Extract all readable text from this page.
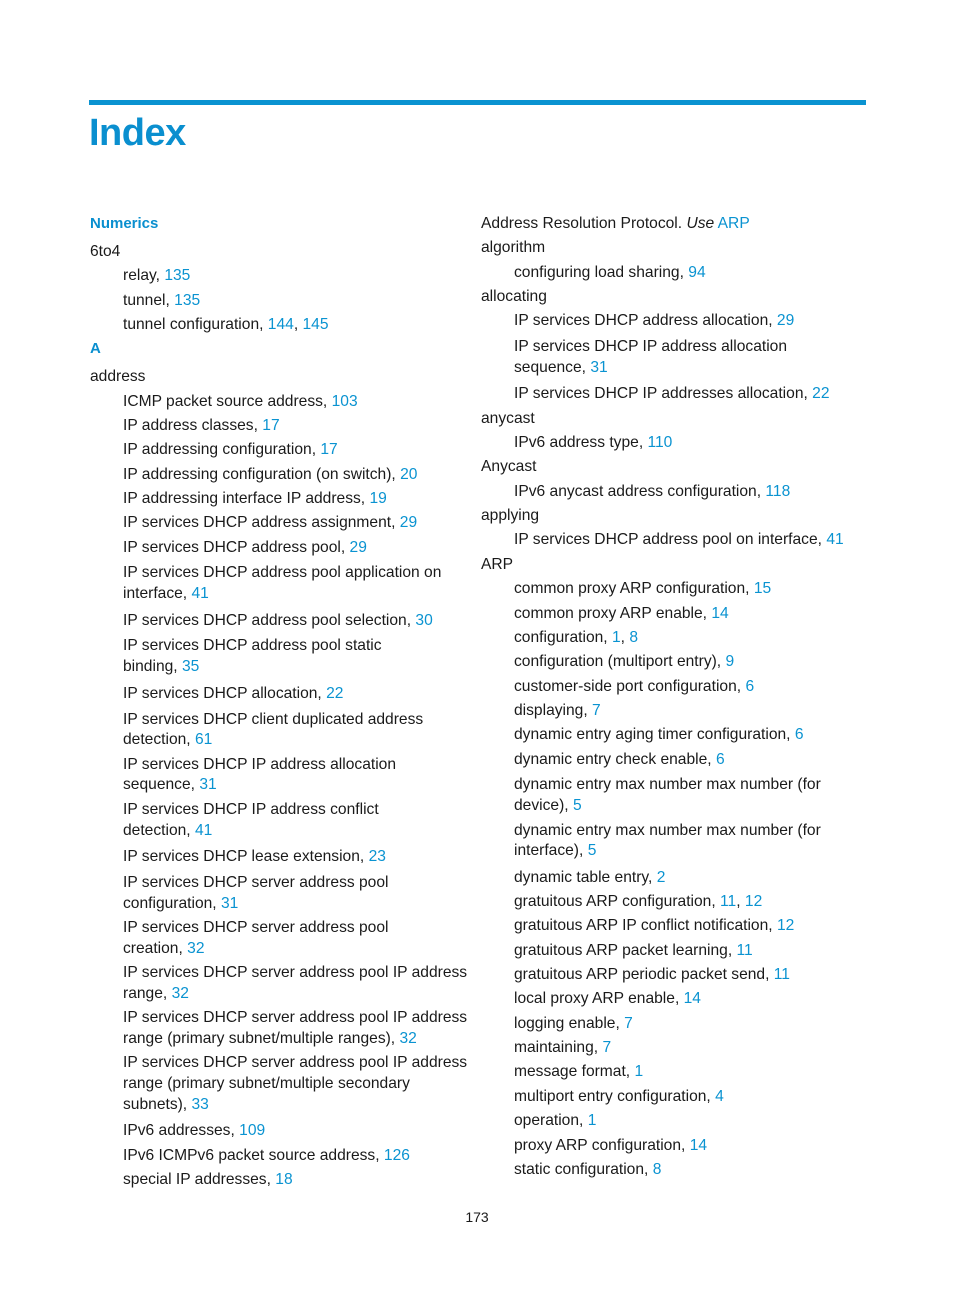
Index
Numerics
6to4
relay, 135
tunnel, 135
tunnel configuration, 144, 145
A
address
ICMP packet source address, 103
IP address classes, 17
IP addressing configuration, 17
IP addressing configuration (on switch), 20
IP addressing interface IP address, 19
IP services DHCP address assignment, 29
IP services DHCP address pool, 29
IP services DHCP address pool application on
interface, 41
IP services DHCP address pool selection, 30
IP services DHCP address pool static
binding, 35
IP services DHCP allocation, 22
IP services DHCP client duplicated address
detection, 61
IP services DHCP IP address allocation
sequence, 31
IP services DHCP IP address conflict
detection, 41
IP services DHCP lease extension, 23
IP services DHCP server address pool
configuration, 31
IP services DHCP server address pool
creation, 32
IP services DHCP server address pool IP address
range, 32
IP services DHCP server address pool IP address
range (primary subnet/multiple ranges), 32
IP services DHCP server address pool IP address
range (primary subnet/multiple secondary
subnets), 33
IPv6 addresses, 109
IPv6 ICMPv6 packet source address, 126
special IP addresses, 18
Address Resolution Protocol. Use ARP
algorithm
configuring load sharing, 94
allocating
IP services DHCP address allocation, 29
IP services DHCP IP address allocation
sequence, 31
IP services DHCP IP addresses allocation, 22
anycast
IPv6 address type, 110
Anycast
IPv6 anycast address configuration, 118
applying
IP services DHCP address pool on interface, 41
ARP
common proxy ARP configuration, 15
common proxy ARP enable, 14
configuration, 1, 8
configuration (multiport entry), 9
customer-side port configuration, 6
displaying, 7
dynamic entry aging timer configuration, 6
dynamic entry check enable, 6
dynamic entry max number max number (for
device), 5
dynamic entry max number max number (for
interface), 5
dynamic table entry, 2
gratuitous ARP configuration, 11, 12
gratuitous ARP IP conflict notification, 12
gratuitous ARP packet learning, 11
gratuitous ARP periodic packet send, 11
local proxy ARP enable, 14
logging enable, 7
maintaining, 7
message format, 1
multiport entry configuration, 4
operation, 1
proxy ARP configuration, 14
static configuration, 8
173
